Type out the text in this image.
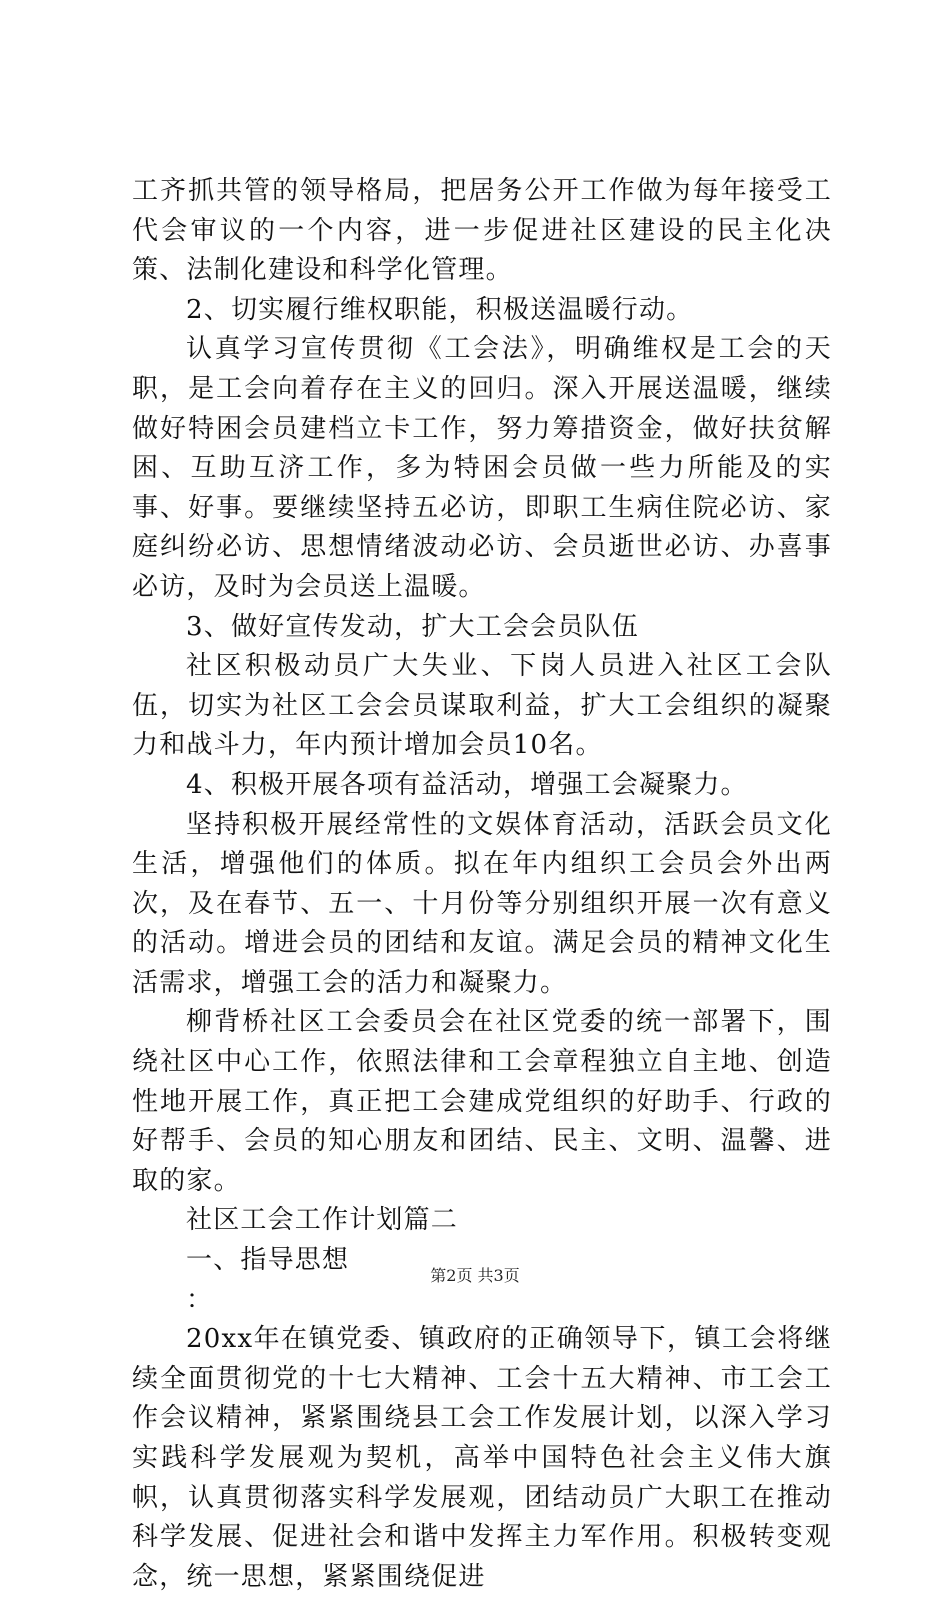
工齐抓共管的领导格局，把居务公开工作做为每年接受工代会审议的一个内容，进一步促进社区建设的民主化决策、法制化建设和科学化管理。

2、切实履行维权职能，积极送温暖行动。

认真学习宣传贯彻《工会法》，明确维权是工会的天职，是工会向着存在主义的回归。深入开展送温暖，继续做好特困会员建档立卡工作，努力筹措资金，做好扶贫解困、互助互济工作，多为特困会员做一些力所能及的实事、好事。要继续坚持五必访，即职工生病住院必访、家庭纠纷必访、思想情绪波动必访、会员逝世必访、办喜事必访，及时为会员送上温暖。

3、做好宣传发动，扩大工会会员队伍

社区积极动员广大失业、下岗人员进入社区工会队伍，切实为社区工会会员谋取利益，扩大工会组织的凝聚力和战斗力，年内预计增加会员10名。

4、积极开展各项有益活动，增强工会凝聚力。

坚持积极开展经常性的文娱体育活动，活跃会员文化生活，增强他们的体质。拟在年内组织工会员会外出两次，及在春节、五一、十月份等分别组织开展一次有意义的活动。增进会员的团结和友谊。满足会员的精神文化生活需求，增强工会的活力和凝聚力。

柳背桥社区工会委员会在社区党委的统一部署下，围绕社区中心工作，依照法律和工会章程独立自主地、创造性地开展工作，真正把工会建成党组织的好助手、行政的好帮手、会员的知心朋友和团结、民主、文明、温馨、进取的家。

社区工会工作计划篇二

一、指导思想

：

20xx年在镇党委、镇政府的正确领导下，镇工会将继续全面贯彻党的十七大精神、工会十五大精神、市工会工作会议精神，紧紧围绕县工会工作发展计划，以深入学习实践科学发展观为契机，高举中国特色社会主义伟大旗帜，认真贯彻落实科学发展观，团结动员广大职工在推动科学发展、促进社会和谐中发挥主力军作用。积极转变观念，统一思想，紧紧围绕促进

第2页 共3页
